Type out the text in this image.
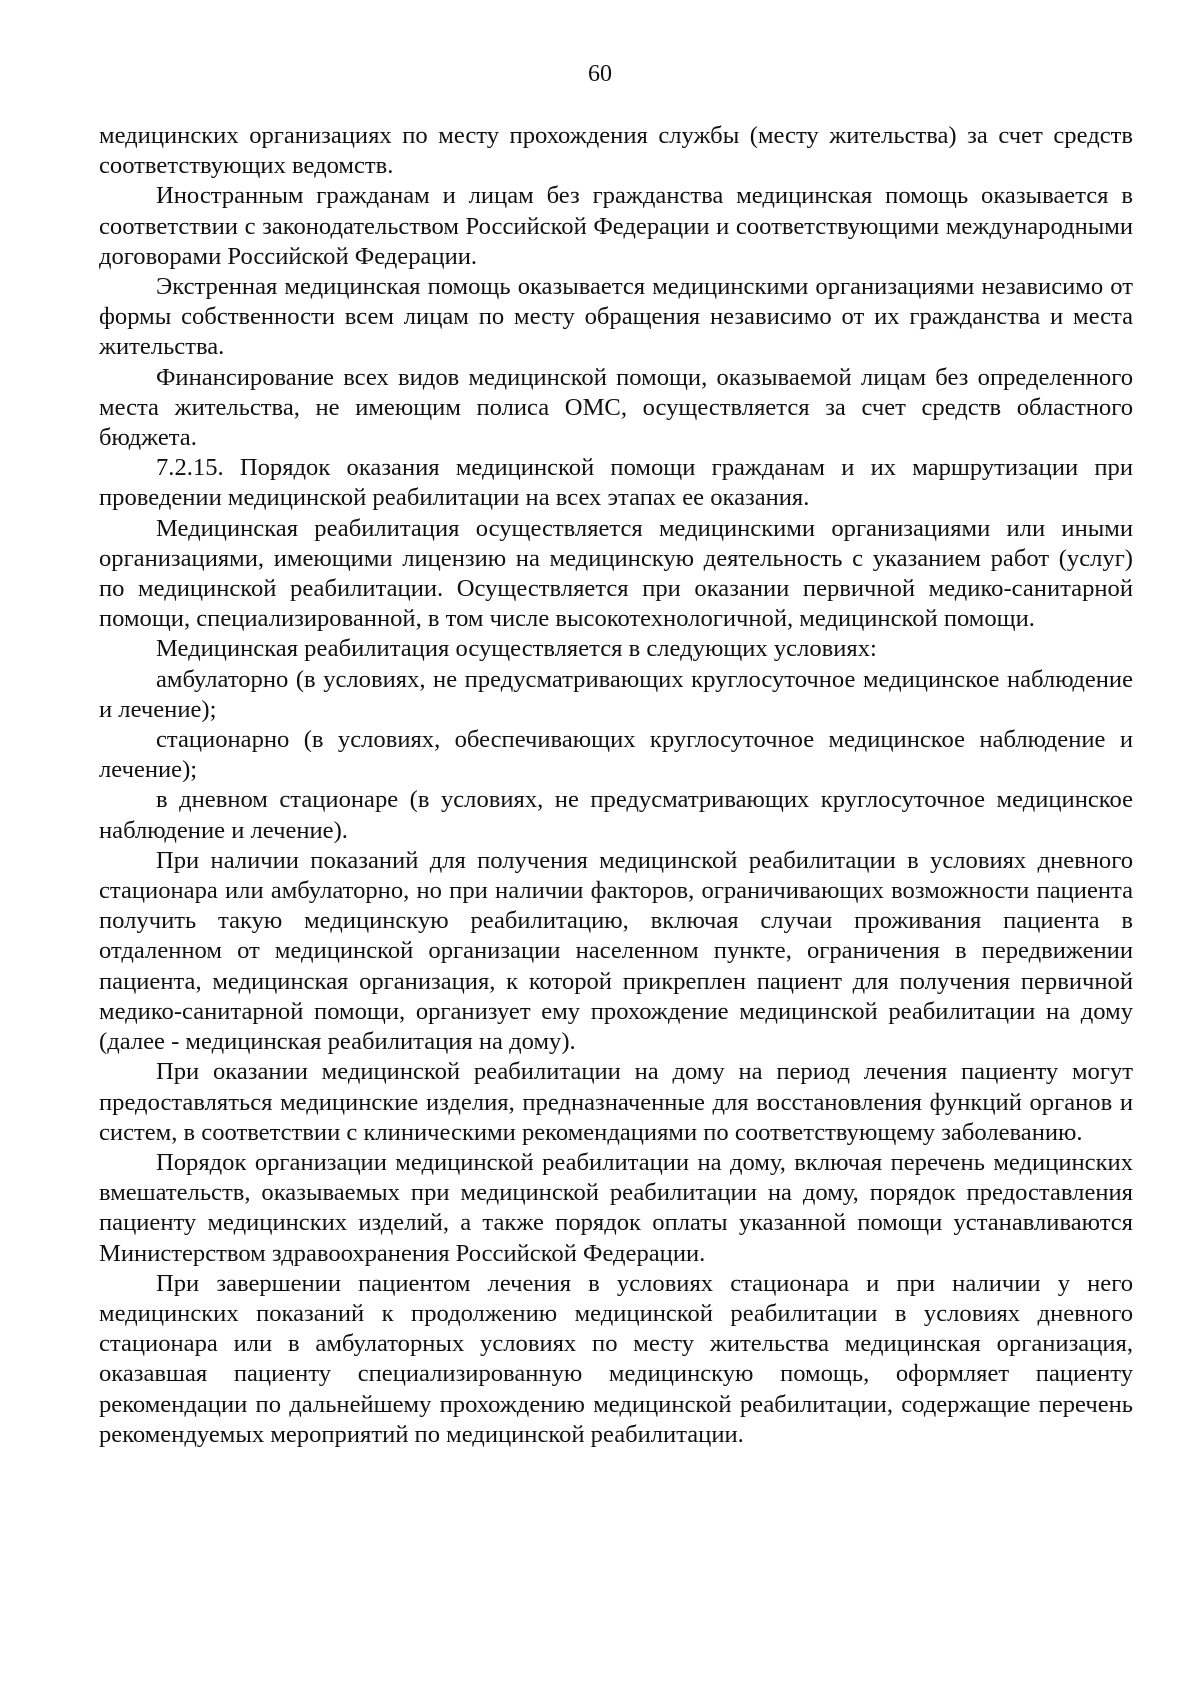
60

медицинских организациях по месту прохождения службы (месту жительства) за счет средств соответствующих ведомств.

Иностранным гражданам и лицам без гражданства медицинская помощь оказывается в соответствии с законодательством Российской Федерации и соответствующими международными договорами Российской Федерации.

Экстренная медицинская помощь оказывается медицинскими организациями независимо от формы собственности всем лицам по месту обращения независимо от их гражданства и места жительства.

Финансирование всех видов медицинской помощи, оказываемой лицам без определенного места жительства, не имеющим полиса ОМС, осуществляется за счет средств областного бюджета.

7.2.15. Порядок оказания медицинской помощи гражданам и их маршрутизации при проведении медицинской реабилитации на всех этапах ее оказания.

Медицинская реабилитация осуществляется медицинскими организациями или иными организациями, имеющими лицензию на медицинскую деятельность с указанием работ (услуг) по медицинской реабилитации. Осуществляется при оказании первичной медико-санитарной помощи, специализированной, в том числе высокотехнологичной, медицинской помощи.

Медицинская реабилитация осуществляется в следующих условиях:

амбулаторно (в условиях, не предусматривающих круглосуточное медицинское наблюдение и лечение);

стационарно (в условиях, обеспечивающих круглосуточное медицинское наблюдение и лечение);

в дневном стационаре (в условиях, не предусматривающих круглосуточное медицинское наблюдение и лечение).

При наличии показаний для получения медицинской реабилитации в условиях дневного стационара или амбулаторно, но при наличии факторов, ограничивающих возможности пациента получить такую медицинскую реабилитацию, включая случаи проживания пациента в отдаленном от медицинской организации населенном пункте, ограничения в передвижении пациента, медицинская организация, к которой прикреплен пациент для получения первичной медико-санитарной помощи, организует ему прохождение медицинской реабилитации на дому (далее - медицинская реабилитация на дому).

При оказании медицинской реабилитации на дому на период лечения пациенту могут предоставляться медицинские изделия, предназначенные для восстановления функций органов и систем, в соответствии с клиническими рекомендациями по соответствующему заболеванию.

Порядок организации медицинской реабилитации на дому, включая перечень медицинских вмешательств, оказываемых при медицинской реабилитации на дому, порядок предоставления пациенту медицинских изделий, а также порядок оплаты указанной помощи устанавливаются Министерством здравоохранения Российской Федерации.

При завершении пациентом лечения в условиях стационара и при наличии у него медицинских показаний к продолжению медицинской реабилитации в условиях дневного стационара или в амбулаторных условиях по месту жительства медицинская организация, оказавшая пациенту специализированную медицинскую помощь, оформляет пациенту рекомендации по дальнейшему прохождению медицинской реабилитации, содержащие перечень рекомендуемых мероприятий по медицинской реабилитации.
